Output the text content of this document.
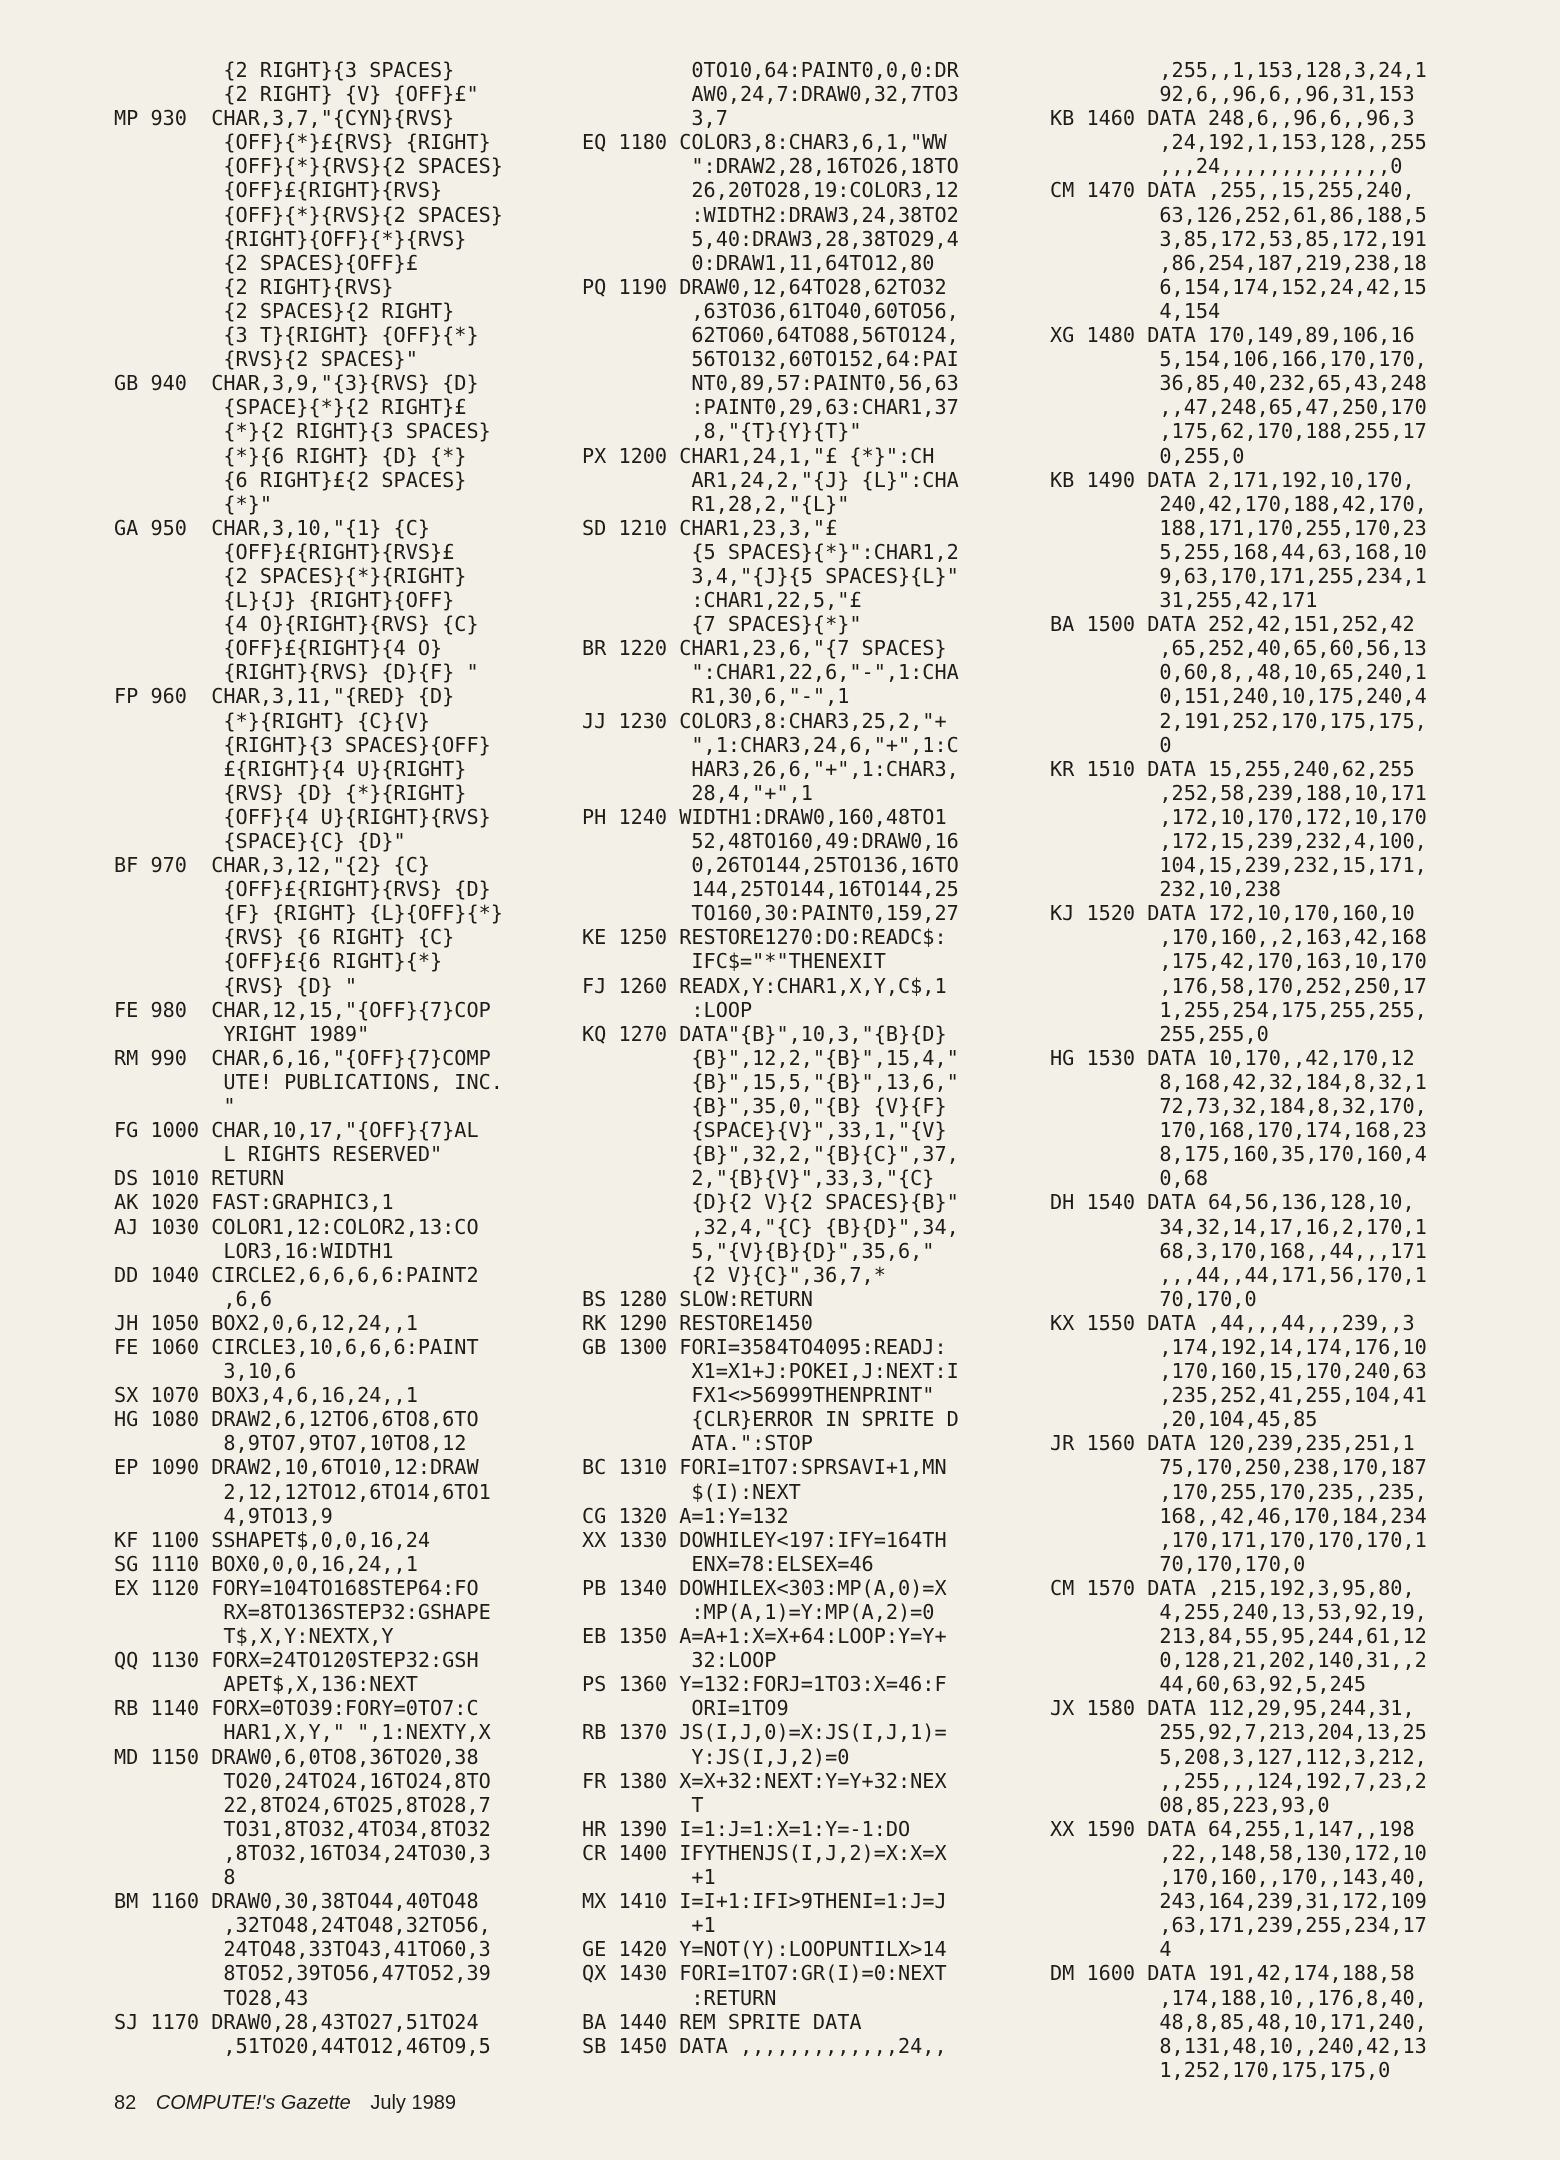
{2 RIGHT}{3 SPACES}
{2 RIGHT} {V} {OFF}£"
MP 930  CHAR,3,7,"{CYN}{RVS}
{OFF}{*}£{RVS} {RIGHT}
{OFF}{*}{RVS}{2 SPACES}
{OFF}£{RIGHT}{RVS}
{OFF}{*}{RVS}{2 SPACES}
{RIGHT}{OFF}{*}{RVS}
{2 SPACES}{OFF}£
{2 RIGHT}{RVS}
{2 SPACES}{2 RIGHT}
{3 T}{RIGHT} {OFF}{*}
{RVS}{2 SPACES}"
GB 940  CHAR,3,9,"{3}{RVS} {D}
{SPACE}{*}{2 RIGHT}£
{*}{2 RIGHT}{3 SPACES}
{*}{6 RIGHT} {D} {*}
{6 RIGHT}£{2 SPACES}
{*}"
GA 950  CHAR,3,10,"{1} {C}
{OFF}£{RIGHT}{RVS}£
{2 SPACES}{*}{RIGHT}
{L}{J} {RIGHT}{OFF}
{4 O}{RIGHT}{RVS} {C}
{OFF}£{RIGHT}{4 O}
{RIGHT}{RVS} {D}{F} "
FP 960  CHAR,3,11,"{RED} {D}
{*}{RIGHT} {C}{V}
{RIGHT}{3 SPACES}{OFF}
£{RIGHT}{4 U}{RIGHT}
{RVS} {D} {*}{RIGHT}
{OFF}{4 U}{RIGHT}{RVS}
{SPACE}{C} {D}"
BF 970  CHAR,3,12,"{2} {C}
{OFF}£{RIGHT}{RVS} {D}
{F} {RIGHT} {L}{OFF}{*}
{RVS} {6 RIGHT} {C}
{OFF}£{6 RIGHT}{*}
{RVS} {D} "
FE 980  CHAR,12,15,"{OFF}{7}COP
YRIGHT 1989"
RM 990  CHAR,6,16,"{OFF}{7}COMP
UTE! PUBLICATIONS, INC.
"
FG 1000 CHAR,10,17,"{OFF}{7}AL
L RIGHTS RESERVED"
DS 1010 RETURN
AK 1020 FAST:GRAPHIC3,1
AJ 1030 COLOR1,12:COLOR2,13:CO
LOR3,16:WIDTH1
DD 1040 CIRCLE2,6,6,6,6:PAINT2
,6,6
JH 1050 BOX2,0,6,12,24,,1
FE 1060 CIRCLE3,10,6,6,6:PAINT
3,10,6
SX 1070 BOX3,4,6,16,24,,1
HG 1080 DRAW2,6,12TO6,6TO8,6TO
8,9TO7,9TO7,10TO8,12
EP 1090 DRAW2,10,6TO10,12:DRAW
2,12,12TO12,6TO14,6TO1
4,9TO13,9
KF 1100 SSHAPET$,0,0,16,24
SG 1110 BOX0,0,0,16,24,,1
EX 1120 FORY=104TO168STEP64:FO
RX=8TO136STEP32:GSHAPE
T$,X,Y:NEXTX,Y
QQ 1130 FORX=24TO120STEP32:GSH
APET$,X,136:NEXT
RB 1140 FORX=0TO39:FORY=0TO7:C
HAR1,X,Y," ",1:NEXTY,X
MD 1150 DRAW0,6,0TO8,36TO20,38
TO20,24TO24,16TO24,8TO
22,8TO24,6TO25,8TO28,7
TO31,8TO32,4TO34,8TO32
,8TO32,16TO34,24TO30,3
8
BM 1160 DRAW0,30,38TO44,40TO48
,32TO48,24TO48,32TO56,
24TO48,33TO43,41TO60,3
8TO52,39TO56,47TO52,39
TO28,43
SJ 1170 DRAW0,28,43TO27,51TO24
,51TO20,44TO12,46TO9,5
0TO10,64:PAINT0,0,0:DR
AW0,24,7:DRAW0,32,7TO3
3,7
EQ 1180 COLOR3,8:CHAR3,6,1,"WW
":DRAW2,28,16TO26,18TO
26,20TO28,19:COLOR3,12
:WIDTH2:DRAW3,24,38TO2
5,40:DRAW3,28,38TO29,4
0:DRAW1,11,64TO12,80
PQ 1190 DRAW0,12,64TO28,62TO32
,63TO36,61TO40,60TO56,
62TO60,64TO88,56TO124,
56TO132,60TO152,64:PAI
NT0,89,57:PAINT0,56,63
:PAINT0,29,63:CHAR1,37
,8,"{T}{Y}{T}"
PX 1200 CHAR1,24,1,"£ {*}":CH
AR1,24,2,"{J} {L}":CHA
R1,28,2,"{L}"
SD 1210 CHAR1,23,3,"£
{5 SPACES}{*}":CHAR1,2
3,4,"{J}{5 SPACES}{L}"
:CHAR1,22,5,"£
{7 SPACES}{*}"
BR 1220 CHAR1,23,6,"{7 SPACES}
":CHAR1,22,6,"-",1:CHA
R1,30,6,"-",1
JJ 1230 COLOR3,8:CHAR3,25,2,"+
",1:CHAR3,24,6,"+",1:C
HAR3,26,6,"+",1:CHAR3,
28,4,"+",1
PH 1240 WIDTH1:DRAW0,160,48TO1
52,48TO160,49:DRAW0,16
0,26TO144,25TO136,16TO
144,25TO144,16TO144,25
TO160,30:PAINT0,159,27
KE 1250 RESTORE1270:DO:READC$:
IFC$="*"THENEXIT
FJ 1260 READX,Y:CHAR1,X,Y,C$,1
:LOOP
KQ 1270 DATA"{B}",10,3,"{B}{D}
{B}",12,2,"{B}",15,4,"
{B}",15,5,"{B}",13,6,"
{B}",35,0,"{B} {V}{F}
{SPACE}{V}",33,1,"{V}
{B}",32,2,"{B}{C}",37,
2,"{B}{V}",33,3,"{C}
{D}{2 V}{2 SPACES}{B}"
,32,4,"{C} {B}{D}",34,
5,"{V}{B}{D}",35,6,"
{2 V}{C}",36,7,*
BS 1280 SLOW:RETURN
RK 1290 RESTORE1450
GB 1300 FORI=3584TO4095:READJ:
X1=X1+J:POKEI,J:NEXT:I
FX1<>56999THENPRINT"
{CLR}ERROR IN SPRITE D
ATA.":STOP
BC 1310 FORI=1TO7:SPRSAVI+1,MN
$(I):NEXT
CG 1320 A=1:Y=132
XX 1330 DOWHILEY<197:IFY=164TH
ENX=78:ELSEX=46
PB 1340 DOWHILEX<303:MP(A,0)=X
:MP(A,1)=Y:MP(A,2)=0
EB 1350 A=A+1:X=X+64:LOOP:Y=Y+
32:LOOP
PS 1360 Y=132:FORJ=1TO3:X=46:F
ORI=1TO9
RB 1370 JS(I,J,0)=X:JS(I,J,1)=
Y:JS(I,J,2)=0
FR 1380 X=X+32:NEXT:Y=Y+32:NEX
T
HR 1390 I=1:J=1:X=1:Y=-1:DO
CR 1400 IFYTHENJS(I,J,2)=X:X=X
+1
MX 1410 I=I+1:IFI>9THENI=1:J=J
+1
GE 1420 Y=NOT(Y):LOOPUNTILX>14
QX 1430 FORI=1TO7:GR(I)=0:NEXT
:RETURN
BA 1440 REM SPRITE DATA
SB 1450 DATA ,,,,,,,,,,,,,24,,
,255,,1,153,128,3,24,1
92,6,,96,6,,96,31,153
KB 1460 DATA 248,6,,96,6,,96,3
,24,192,1,153,128,,255
,,,24,,,,,,,,,,,,,,0
CM 1470 DATA ,255,,15,255,240,
63,126,252,61,86,188,5
3,85,172,53,85,172,191
,86,254,187,219,238,18
6,154,174,152,24,42,15
4,154
XG 1480 DATA 170,149,89,106,16
5,154,106,166,170,170,
36,85,40,232,65,43,248
,,47,248,65,47,250,170
,175,62,170,188,255,17
0,255,0
KB 1490 DATA 2,171,192,10,170,
240,42,170,188,42,170,
188,171,170,255,170,23
5,255,168,44,63,168,10
9,63,170,171,255,234,1
31,255,42,171
BA 1500 DATA 252,42,151,252,42
,65,252,40,65,60,56,13
0,60,8,,48,10,65,240,1
0,151,240,10,175,240,4
2,191,252,170,175,175,
0
KR 1510 DATA 15,255,240,62,255
,252,58,239,188,10,171
,172,10,170,172,10,170
,172,15,239,232,4,100,
104,15,239,232,15,171,
232,10,238
KJ 1520 DATA 172,10,170,160,10
,170,160,,2,163,42,168
,175,42,170,163,10,170
,176,58,170,252,250,17
1,255,254,175,255,255,
255,255,0
HG 1530 DATA 10,170,,42,170,12
8,168,42,32,184,8,32,1
72,73,32,184,8,32,170,
170,168,170,174,168,23
8,175,160,35,170,160,4
0,68
DH 1540 DATA 64,56,136,128,10,
34,32,14,17,16,2,170,1
68,3,170,168,,44,,,171
,,,44,,44,171,56,170,1
70,170,0
KX 1550 DATA ,44,,,44,,,239,,3
,174,192,14,174,176,10
,170,160,15,170,240,63
,235,252,41,255,104,41
,20,104,45,85
JR 1560 DATA 120,239,235,251,1
75,170,250,238,170,187
,170,255,170,235,,235,
168,,42,46,170,184,234
,170,171,170,170,170,1
70,170,170,0
CM 1570 DATA ,215,192,3,95,80,
4,255,240,13,53,92,19,
213,84,55,95,244,61,12
0,128,21,202,140,31,,2
44,60,63,92,5,245
JX 1580 DATA 112,29,95,244,31,
255,92,7,213,204,13,25
5,208,3,127,112,3,212,
,,255,,,124,192,7,23,2
08,85,223,93,0
XX 1590 DATA 64,255,1,147,,198
,22,,148,58,130,172,10
,170,160,,170,,143,40,
243,164,239,31,172,109
,63,171,239,255,234,17
4
DM 1600 DATA 191,42,174,188,58
,174,188,10,,176,8,40,
48,8,85,48,10,171,240,
8,131,48,10,,240,42,13
1,252,170,175,175,0
82 COMPUTE!'s Gazette July 1989
